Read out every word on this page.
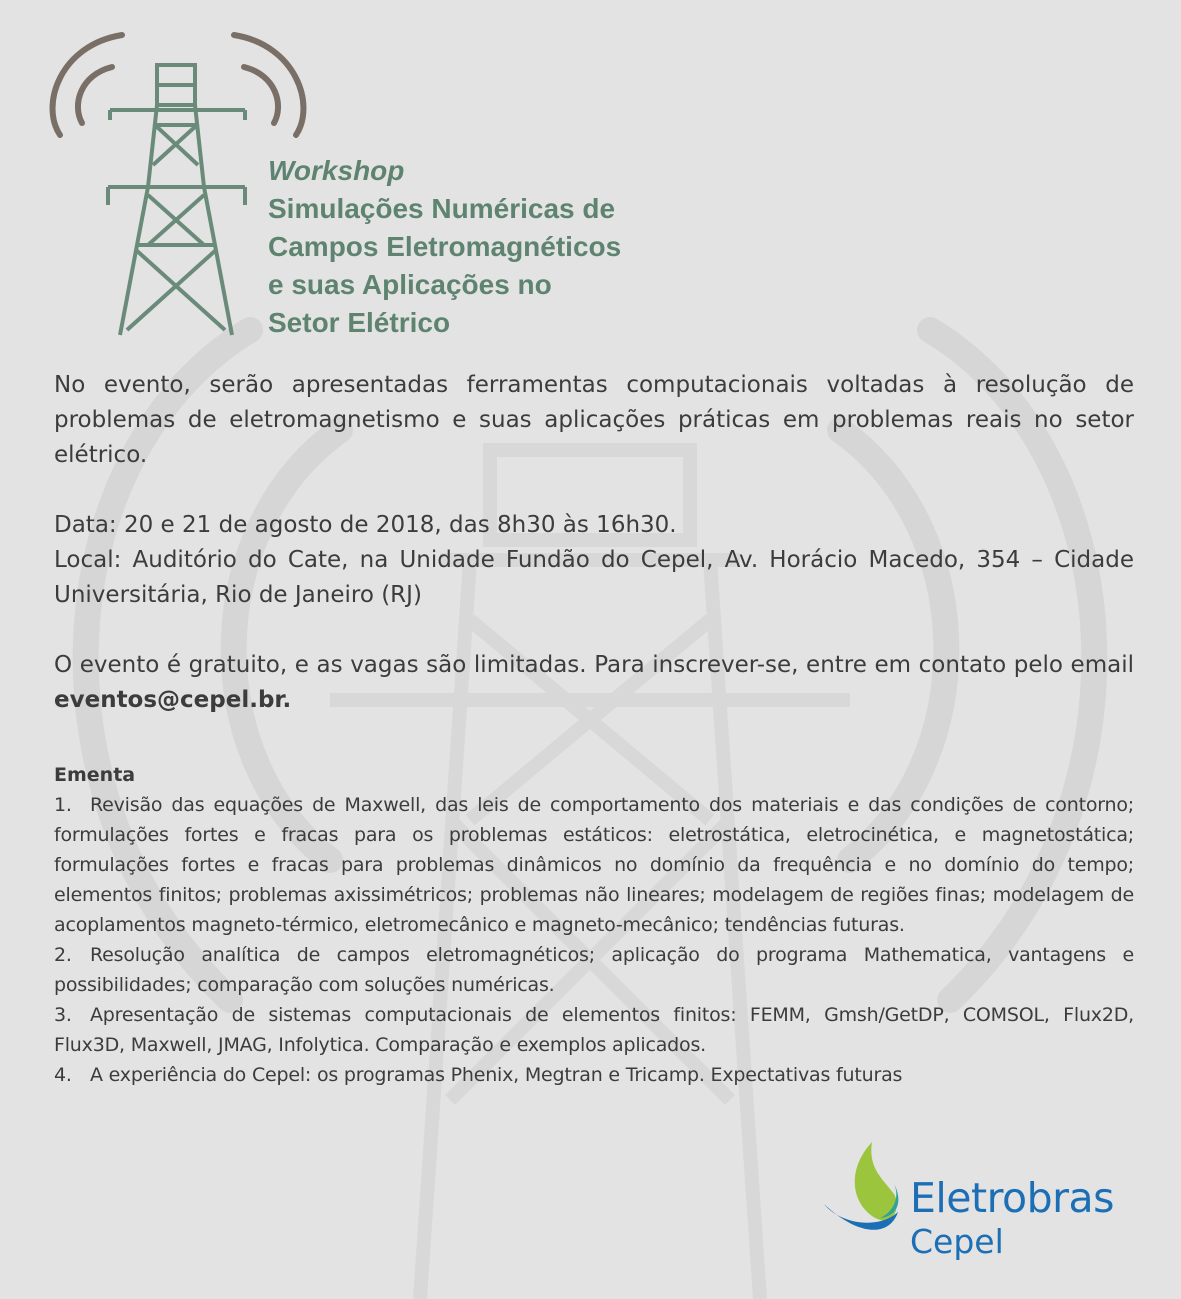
Workshop
Simulações Numéricas de
Campos Eletromagnéticos
e suas Aplicações no
Setor Elétrico

No evento, serão apresentadas ferramentas computacionais voltadas à resolução de problemas de eletromagnetismo e suas aplicações práticas em problemas reais no setor elétrico.

Data: 20 e 21 de agosto de 2018, das 8h30 às 16h30.

Local: Auditório do Cate, na Unidade Fundão do Cepel, Av. Horácio Macedo, 354 – Cidade Universitária, Rio de Janeiro (RJ)

O evento é gratuito, e as vagas são limitadas. Para inscrever-se, entre em contato pelo email eventos@cepel.br.

Ementa

1. Revisão das equações de Maxwell, das leis de comportamento dos materiais e das condições de contorno; formulações fortes e fracas para os problemas estáticos: eletrostática, eletrocinética, e magnetostática; formulações fortes e fracas para problemas dinâmicos no domínio da frequência e no domínio do tempo; elementos finitos; problemas axissimétricos; problemas não lineares; modelagem de regiões finas; modelagem de acoplamentos magneto-térmico, eletromecânico e magneto-mecânico; tendências futuras.

2. Resolução analítica de campos eletromagnéticos; aplicação do programa Mathematica, vantagens e possibilidades; comparação com soluções numéricas.

3. Apresentação de sistemas computacionais de elementos finitos: FEMM, Gmsh/GetDP, COMSOL, Flux2D, Flux3D, Maxwell, JMAG, Infolytica. Comparação e exemplos aplicados.

4. A experiência do Cepel: os programas Phenix, Megtran e Tricamp. Expectativas futuras

Eletrobras
Cepel
